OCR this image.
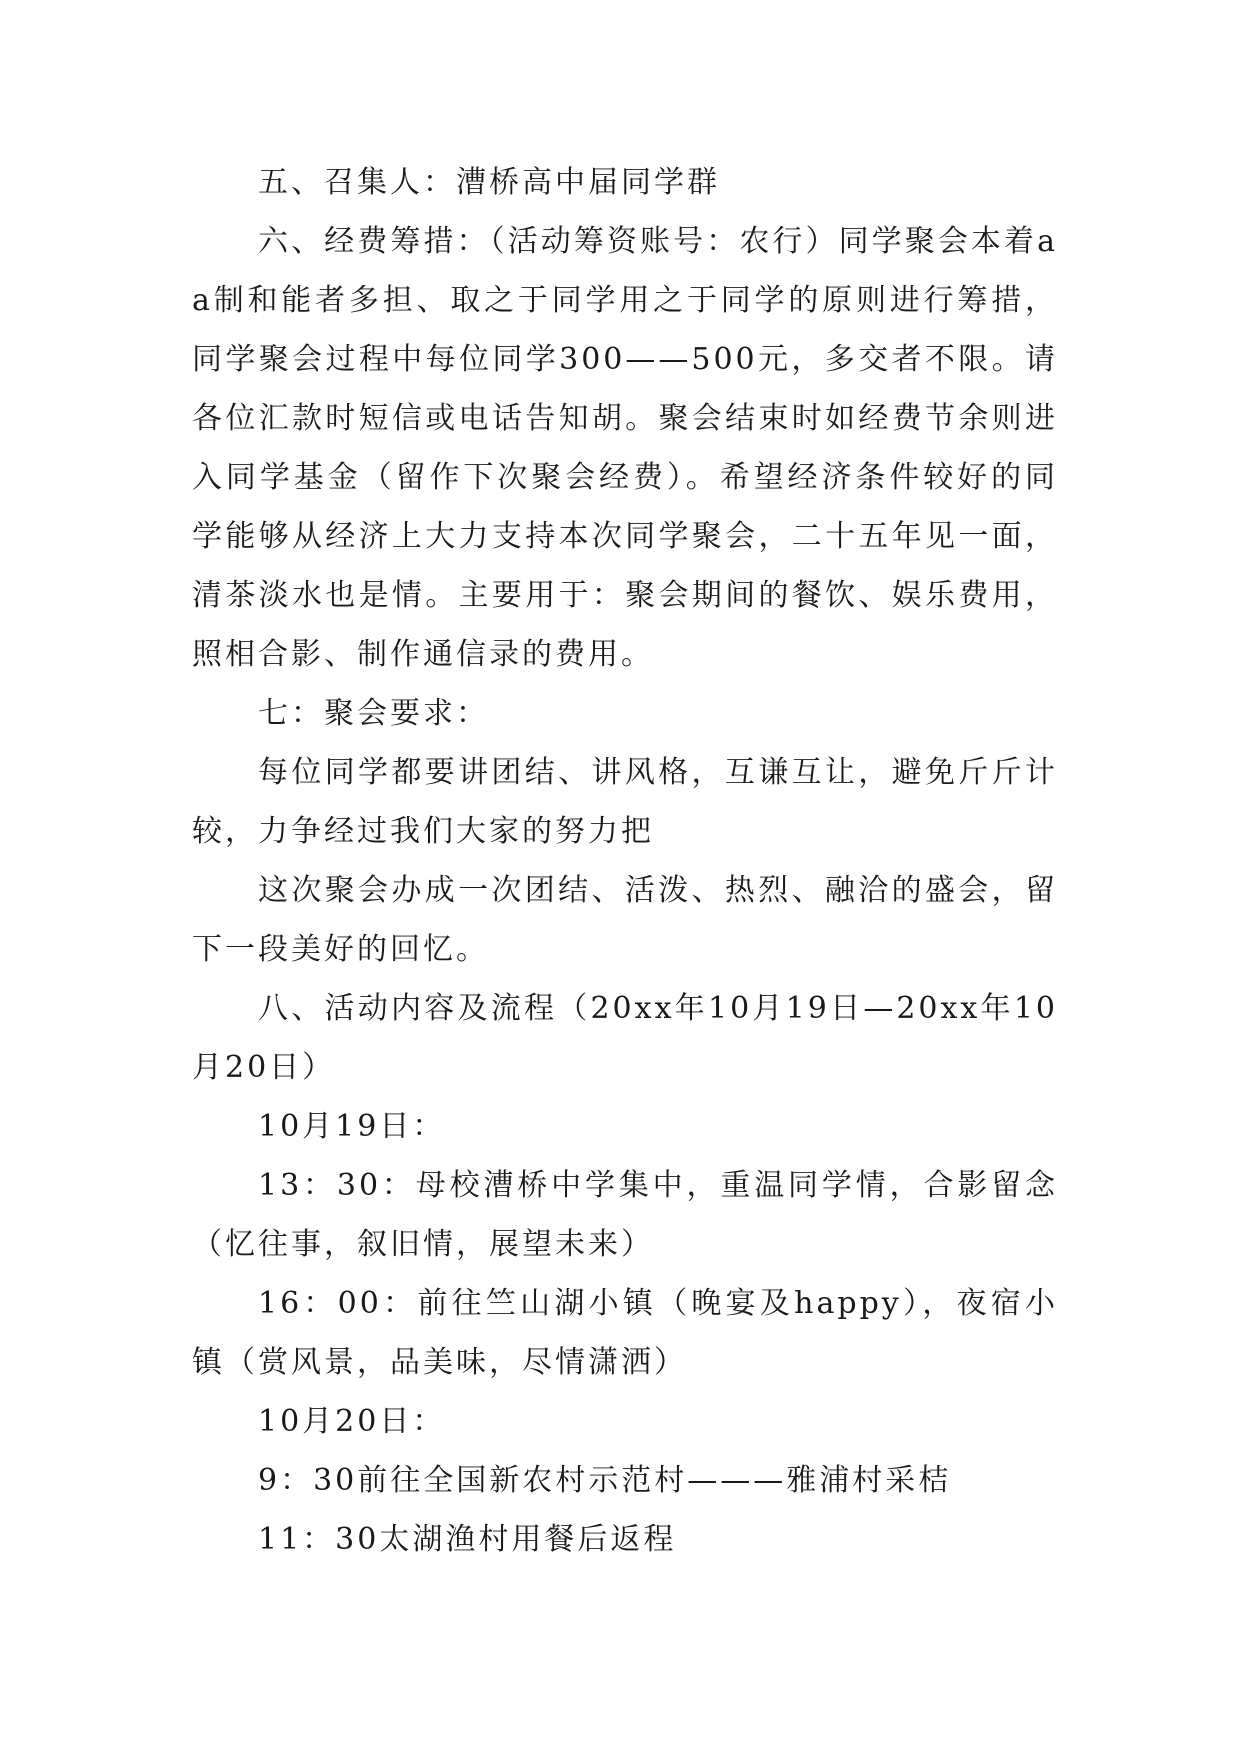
五、召集人：漕桥高中届同学群

六、经费筹措：（活动筹资账号：农行）同学聚会本着aa制和能者多担、取之于同学用之于同学的原则进行筹措，同学聚会过程中每位同学300——500元，多交者不限。请各位汇款时短信或电话告知胡。聚会结束时如经费节余则进入同学基金（留作下次聚会经费）。希望经济条件较好的同学能够从经济上大力支持本次同学聚会，二十五年见一面，清茶淡水也是情。主要用于：聚会期间的餐饮、娱乐费用，照相合影、制作通信录的费用。

七：聚会要求：

每位同学都要讲团结、讲风格，互谦互让，避免斤斤计较，力争经过我们大家的努力把

这次聚会办成一次团结、活泼、热烈、融洽的盛会，留下一段美好的回忆。

八、活动内容及流程（20xx年10月19日—20xx年10月20日）

10月19日：

13：30：母校漕桥中学集中，重温同学情，合影留念（忆往事，叙旧情，展望未来）

16：00：前往竺山湖小镇（晚宴及happy），夜宿小镇（赏风景，品美味，尽情潇洒）

10月20日：

9：30前往全国新农村示范村———雅浦村采桔

11：30太湖渔村用餐后返程
